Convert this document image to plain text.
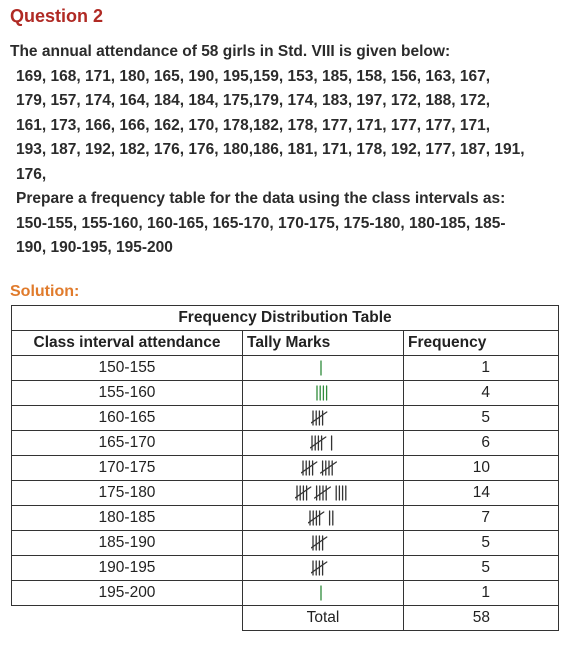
Question 2
The annual attendance of 58 girls in Std. VIII is given below:
169, 168, 171, 180, 165, 190, 195,159, 153, 185, 158, 156, 163, 167,
179, 157, 174, 164, 184, 184, 175,179, 174, 183, 197, 172, 188, 172,
161, 173, 166, 166, 162, 170, 178,182, 178, 177, 171, 177, 177, 171,
193, 187, 192, 182, 176, 176, 180,186, 181, 171, 178, 192, 177, 187, 191,
176,
Prepare a frequency table for the data using the class intervals as:
150-155, 155-160, 160-165, 165-170, 170-175, 175-180, 180-185, 185-
190, 190-195, 195-200
Solution:
Frequency Distribution Table		
Class interval attendance	Tally Marks	Frequency
150-155		1
155-160		4
160-165		5
165-170		6
170-175		10
175-180		14
180-185		7
185-190		5
190-195		5
195-200		1
	Total	58
